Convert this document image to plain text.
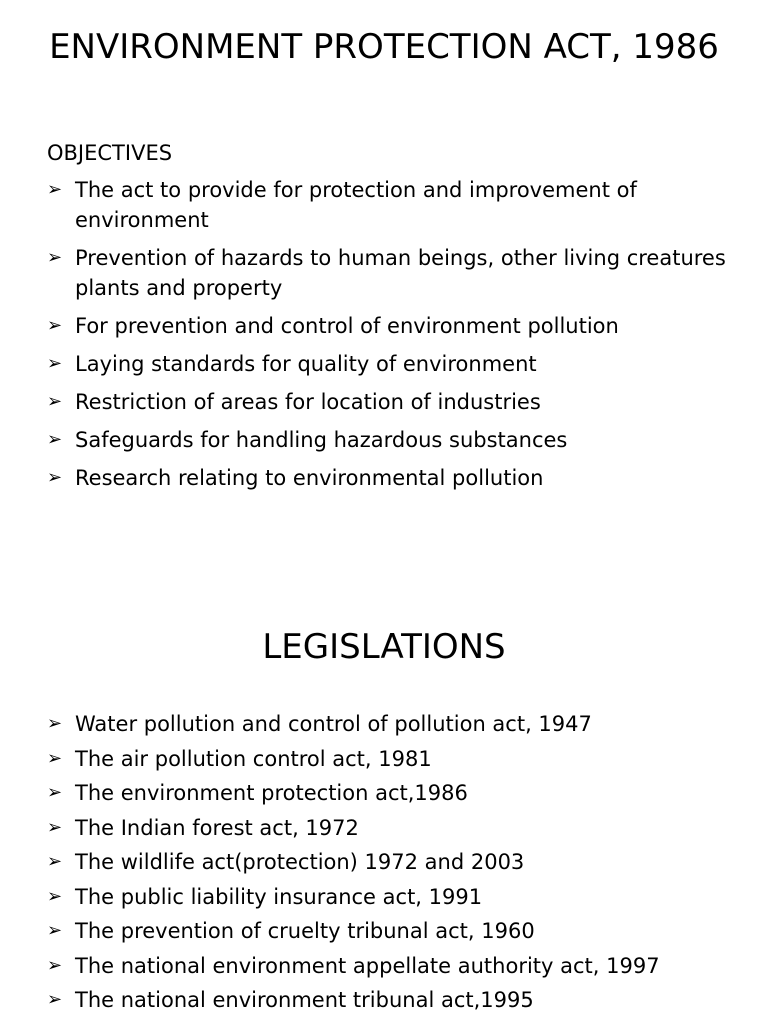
ENVIRONMENT PROTECTION ACT, 1986
OBJECTIVES
➢ The act to provide for protection and improvement of environment
➢ Prevention of hazards to human beings, other living creatures plants and property
➢ For prevention and control of environment pollution
➢ Laying standards for quality of environment
➢ Restriction of areas for location of industries
➢ Safeguards for handling hazardous substances
➢ Research relating to environmental pollution
LEGISLATIONS
➢ Water pollution and control of pollution act, 1947
➢ The air pollution control act, 1981
➢ The environment protection act,1986
➢ The Indian forest act, 1972
➢ The wildlife act(protection) 1972 and 2003
➢ The public liability insurance act, 1991
➢ The prevention of cruelty tribunal act, 1960
➢ The national environment appellate authority act, 1997
➢ The national environment tribunal act,1995
